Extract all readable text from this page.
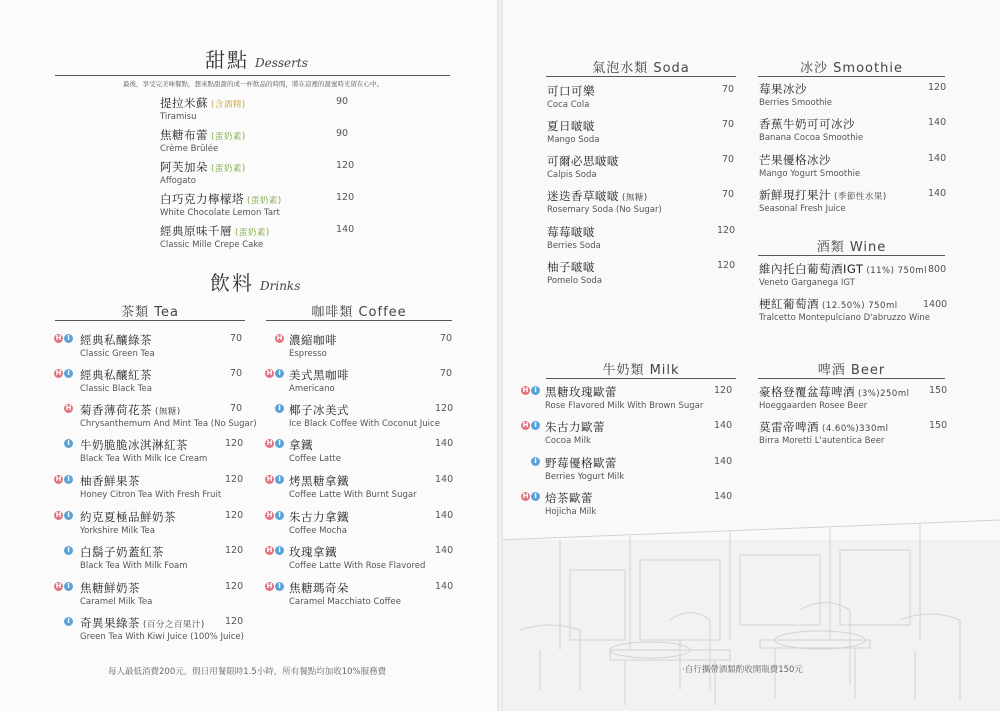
甜點 Desserts
最後，享受完美味餐點，想來點甜甜的或一杯飲品的時間，將在這裡的甜蜜時光留在心中。
提拉米蘇 (含酒精)
Tiramisu
90
焦糖布蕾 (蛋奶素)
Crème Brûlée
90
阿芙加朵 (蛋奶素)
Affogato
120
白巧克力檸檬塔 (蛋奶素)
White Chocolate Lemon Tart
120
經典原味千層 (蛋奶素)
Classic Mille Crepe Cake
140
飲料 Drinks
茶類 Tea
H I 經典私釀綠茶
Classic Green Tea
70
H I 經典私釀紅茶
Classic Black Tea
70
H 菊香薄荷花茶 (無糖)
Chrysanthemum And Mint Tea (No Sugar)
70
I 牛奶脆脆冰淇淋紅茶
Black Tea With Milk Ice Cream
120
H I 柚香鮮果茶
Honey Citron Tea With Fresh Fruit
120
H I 約克夏極品鮮奶茶
Yorkshire Milk Tea
120
I 白鬍子奶蓋紅茶
Black Tea With Milk Foam
120
H I 焦糖鮮奶茶
Caramel Milk Tea
120
I 奇異果綠茶 (百分之百果汁)
Green Tea With Kiwi Juice (100% Juice)
120
咖啡類 Coffee
H 濃縮咖啡
Espresso
70
H I 美式黑咖啡
Americano
70
I 椰子冰美式
Ice Black Coffee With Coconut Juice
120
H I 拿鐵
Coffee Latte
140
H I 烤黑糖拿鐵
Coffee Latte With Burnt Sugar
140
H I 朱古力拿鐵
Coffee Mocha
140
H I 玫瑰拿鐵
Coffee Latte With Rose Flavored
140
H I 焦糖瑪奇朵
Caramel Macchiato Coffee
140
每人最低消費200元，假日用餐限時1.5小時，所有餐點均加收10%服務費
氣泡水類 Soda
可口可樂
Coca Cola
70
夏日啵啵
Mango Soda
70
可爾必思啵啵
Calpis Soda
70
迷迭香草啵啵 (無糖)
Rosemary Soda (No Sugar)
70
莓莓啵啵
Berries Soda
120
柚子啵啵
Pomelo Soda
120
冰沙 Smoothie
莓果冰沙
Berries Smoothie
120
香蕉牛奶可可冰沙
Banana Cocoa Smoothie
140
芒果優格冰沙
Mango Yogurt Smoothie
140
新鮮現打果汁 (季節性水果)
Seasonal Fresh Juice
140
酒類 Wine
維內托白葡萄酒IGT (11%) 750ml
Veneto Garganega IGT
800
梗紅葡萄酒 (12.50%) 750ml
Tralcetto Montepulciano D'abruzzo Wine
1400
牛奶類 Milk
H I 黑糖玫瑰歐蕾
Rose Flavored Milk With Brown Sugar
120
H I 朱古力歐蕾
Cocoa Milk
140
I 野莓優格歐蕾
Berries Yogurt Milk
140
H I 焙茶歐蕾
Hojicha Milk
140
啤酒 Beer
豪格登覆盆莓啤酒 (3%)250ml
Hoeggaarden Rosee Beer
150
莫雷帝啤酒 (4.60%)330ml
Birra Moretti L'autentica Beer
150
‧自行攜帶酒類酌收開瓶費150元
